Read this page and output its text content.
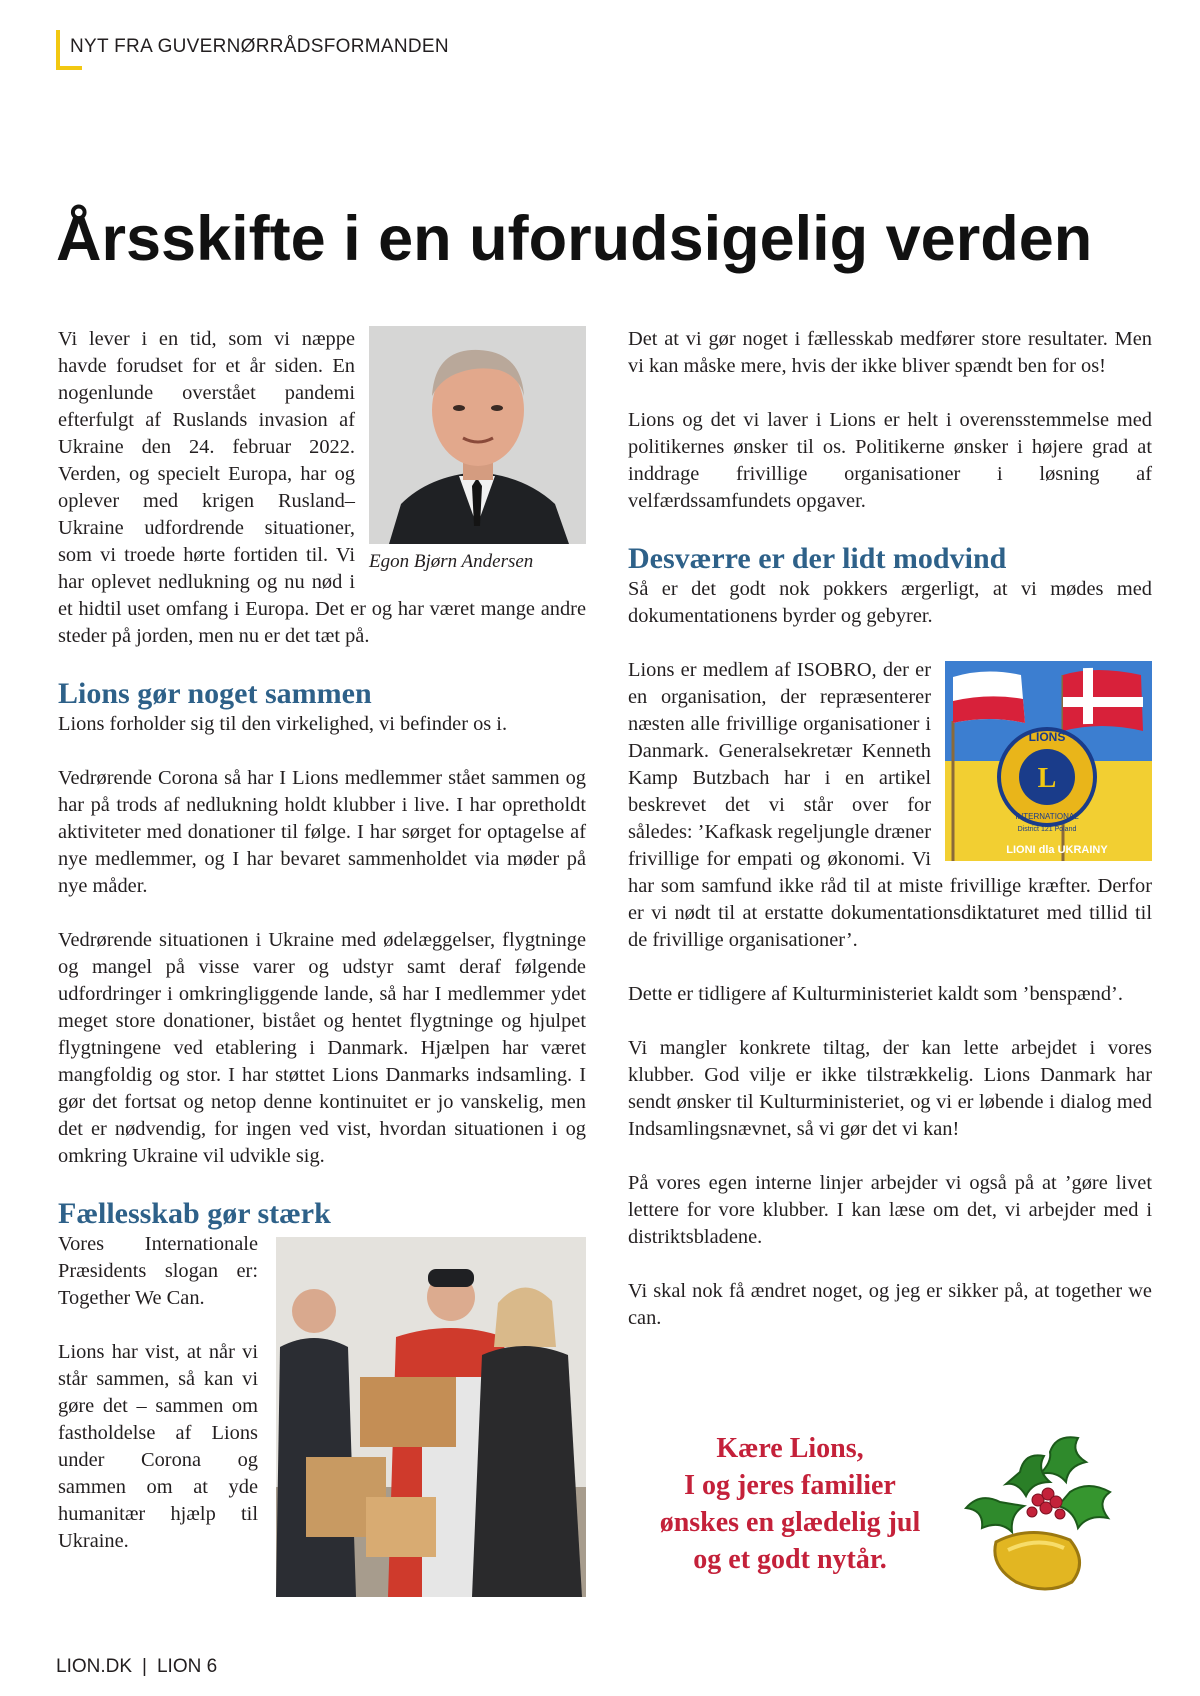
NYT FRA GUVERNØRRÅDSFORMANDEN
Årsskifte i en uforudsigelig verden
Egon Bjørn Andersen

Vi lever i en tid, som vi næppe havde forudset for et år siden. En nogenlunde overstået pandemi efterfulgt af Ruslands invasion af Ukraine den 24. februar 2022. Verden, og specielt Europa, har og oplever med krigen Rusland–Ukraine udfordrende situationer, som vi troede hørte fortiden til. Vi har oplevet nedlukning og nu nød i et hidtil uset omfang i Europa. Det er og har været mange andre steder på jorden, men nu er det tæt på.

Lions gør noget sammen

Lions forholder sig til den virkelighed, vi befinder os i.

Vedrørende Corona så har I Lions medlemmer stået sammen og har på trods af nedlukning holdt klubber i live. I har opretholdt aktiviteter med donationer til følge. I har sørget for optagelse af nye medlemmer, og I har bevaret sammenholdet via møder på nye måder.

Vedrørende situationen i Ukraine med ødelæggelser, flygtninge og mangel på visse varer og udstyr samt deraf følgende udfordringer i omkringliggende lande, så har I medlemmer ydet meget store donationer, bistået og hentet flygtninge og hjulpet flygtningene ved etablering i Danmark. Hjælpen har været mangfoldig og stor. I har støttet Lions Danmarks indsamling. I gør det fortsat og netop denne kontinuitet er jo vanskelig, men det er nødvendig, for ingen ved vist, hvordan situationen i og omkring Ukraine vil udvikle sig.

Fællesskab gør stærk

Vores Internationale Præsidents slogan er: Together We Can.

Lions har vist, at når vi står sammen, så kan vi gøre det – sammen om fastholdelse af Lions under Corona og sammen om at yde humanitær hjælp til Ukraine.

Det at vi gør noget i fællesskab medfører store resultater. Men vi kan måske mere, hvis der ikke bliver spændt ben for os!

Lions og det vi laver i Lions er helt i overensstemmelse med politikernes ønsker til os. Politikerne ønsker i højere grad at inddrage frivillige organisationer i løsning af velfærdssamfundets opgaver.

Desværre er der lidt modvind

Så er det godt nok pokkers ærgerligt, at vi mødes med dokumentationens byrder og gebyrer.

L
LIONS
INTERNATIONAL
District 121 Poland
LIONI dla UKRAINY

Lions er medlem af ISOBRO, der er en organisation, der repræsenterer næsten alle frivillige organisationer i Danmark. Generalsekretær Kenneth Kamp Butzbach har i en artikel beskrevet det vi står over for således: ’Kafkask regeljungle dræner frivillige for empati og økonomi. Vi har som samfund ikke råd til at miste frivillige kræfter. Derfor er vi nødt til at erstatte dokumentationsdiktaturet med tillid til de frivillige organisationer’.

Dette er tidligere af Kulturministeriet kaldt som ’benspænd’.

Vi mangler konkrete tiltag, der kan lette arbejdet i vores klubber. God vilje er ikke tilstrækkelig. Lions Danmark har sendt ønsker til Kulturministeriet, og vi er løbende i dialog med Indsamlingsnævnet, så vi gør det vi kan!

På vores egen interne linjer arbejder vi også på at ’gøre livet lettere for vore klubber. I kan læse om det, vi arbejder med i distriktsbladene.

Vi skal nok få ændret noget, og jeg er sikker på, at together we can.

Kære Lions,
I og jeres familier
ønskes en glædelig jul
og et godt nytår.
LION.DK | LION 6
